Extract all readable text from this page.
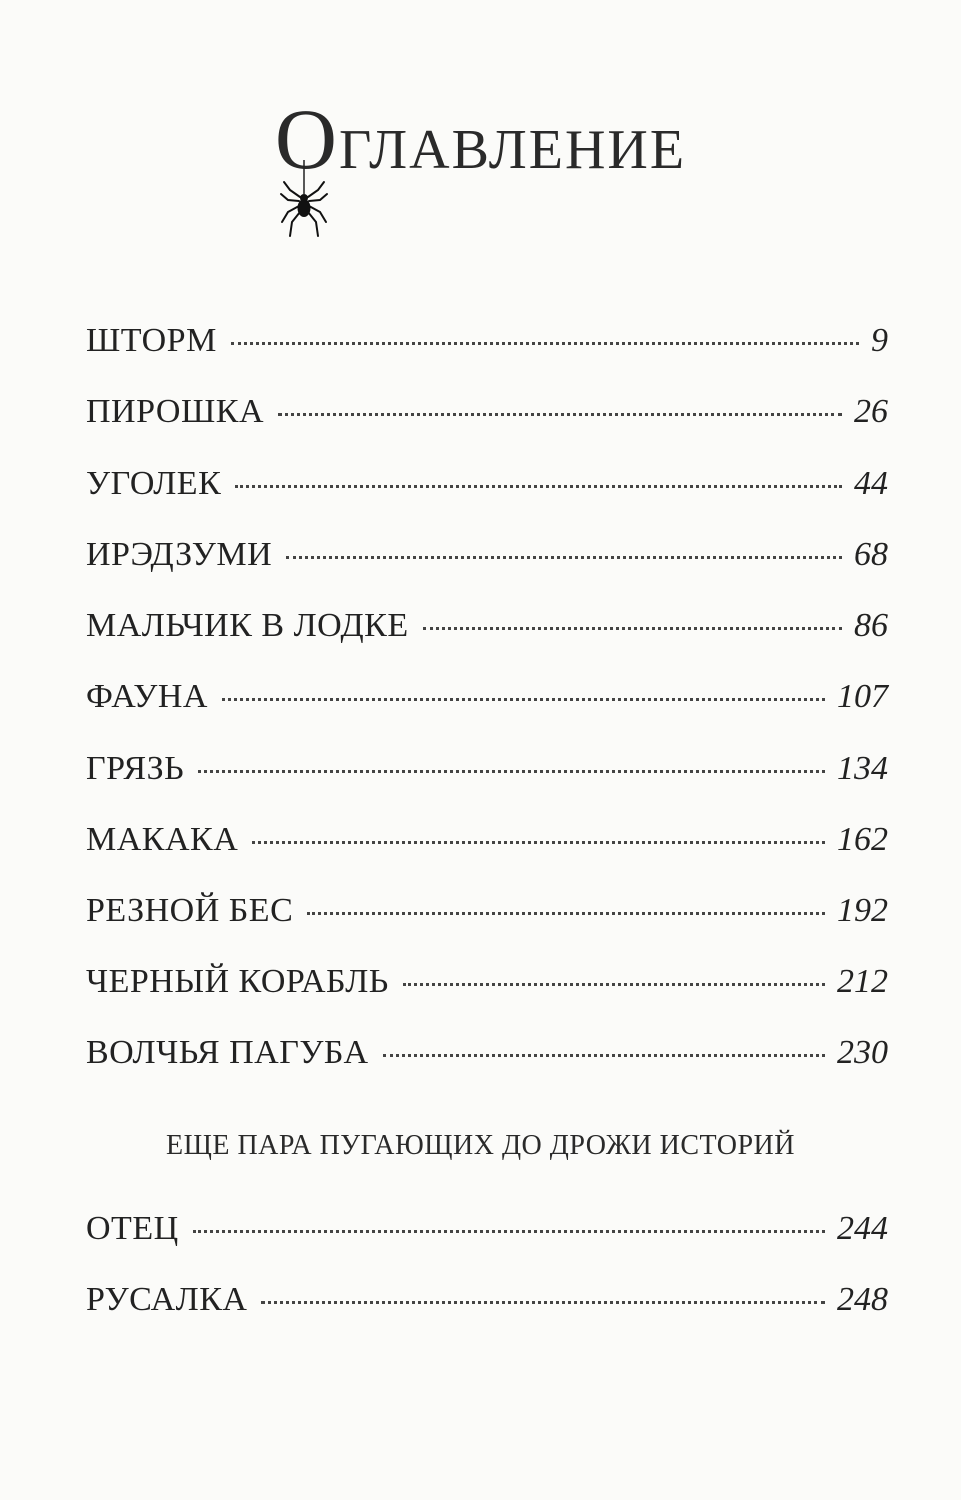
ОГЛАВЛЕНИЕ
ШТОРМ	9
ПИРОШКА	26
УГОЛЕК	44
ИРЭДЗУМИ	68
МАЛЬЧИК В ЛОДКЕ	86
ФАУНА	107
ГРЯЗЬ	134
МАКАКА	162
РЕЗНОЙ БЕС	192
ЧЕРНЫЙ КОРАБЛЬ	212
ВОЛЧЬЯ ПАГУБА	230
ЕЩЕ ПАРА ПУГАЮЩИХ ДО ДРОЖИ ИСТОРИЙ
ОТЕЦ	244
РУСАЛКА	248
